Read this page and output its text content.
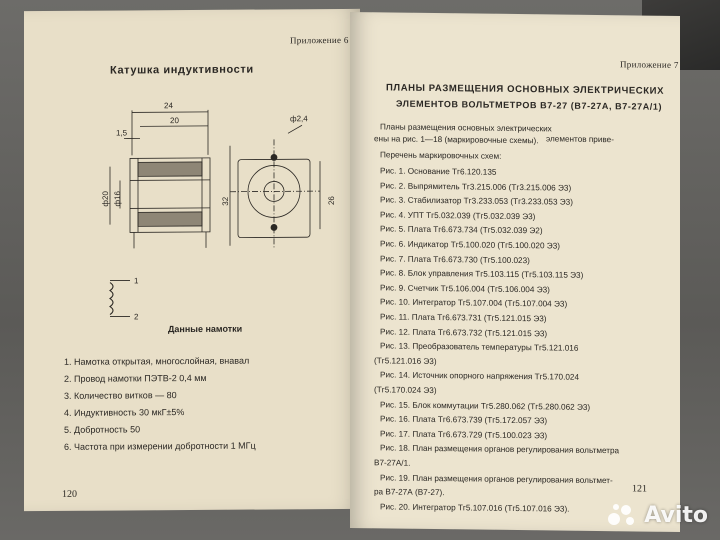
Приложение 6
Катушка индуктивности
24
20
1,5
ф2,4
ф20 ф16	32	26
1
2
Данные намотки
1. Намотка открытая, многослойная, внавал
2. Провод намотки ПЭТВ-2 0,4 мм
3. Количество витков — 80
4. Индуктивность 30 мкГ±5%
5. Добротность 50
6. Частота при измерении добротности 1 МГц
120
Приложение 7
ПЛАНЫ РАЗМЕЩЕНИЯ ОСНОВНЫХ ЭЛЕКТРИЧЕСКИХ
ЭЛЕМЕНТОВ ВОЛЬТМЕТРОВ В7-27 (В7-27А, В7-27А/1)
Планы размещения основных электрических
элементов приве-
ены на рис. 1—18 (маркировочные схемы).
Перечень маркировочных схем:
Рис. 1. Основание Тг6.120.135
Рис. 2. Выпрямитель Тг3.215.006 (Тг3.215.006 Э3)
Рис. 3. Стабилизатор Тг3.233.053 (Тг3.233.053 Э3)
Рис. 4. УПТ Тг5.032.039 (Тг5.032.039 Э3)
Рис. 5. Плата Тг6.673.734 (Тг5.032.039 Э2)
Рис. 6. Индикатор Тг5.100.020 (Тг5.100.020 Э3)
Рис. 7. Плата Тг6.673.730 (Тг5.100.023)
Рис. 8. Блок управления Тг5.103.115 (Тг5.103.115 Э3)
Рис. 9. Счетчик Тг5.106.004 (Тг5.106.004 Э3)
Рис. 10. Интегратор Тг5.107.004 (Тг5.107.004 Э3)
Рис. 11. Плата Тг6.673.731 (Тг5.121.015 Э3)
Рис. 12. Плата Тг6.673.732 (Тг5.121.015 Э3)
Рис. 13. Преобразователь температуры Тг5.121.016
(Тг5.121.016 Э3)
Рис. 14. Источник опорного напряжения Тг5.170.024
(Тг5.170.024 Э3)
Рис. 15. Блок коммутации Тг5.280.062 (Тг5.280.062 Э3)
Рис. 16. Плата Тг6.673.739 (Тг5.172.057 Э3)
Рис. 17. Плата Тг6.673.729 (Тг5.100.023 Э3)
Рис. 18. План размещения органов регулирования вольтметра
В7-27А/1.
Рис. 19. План размещения органов регулирования вольтмет-
ра В7-27А (В7-27).
Рис. 20. Интегратор Тг5.107.016 (Тг5.107.016 Э3).
121
Avito
